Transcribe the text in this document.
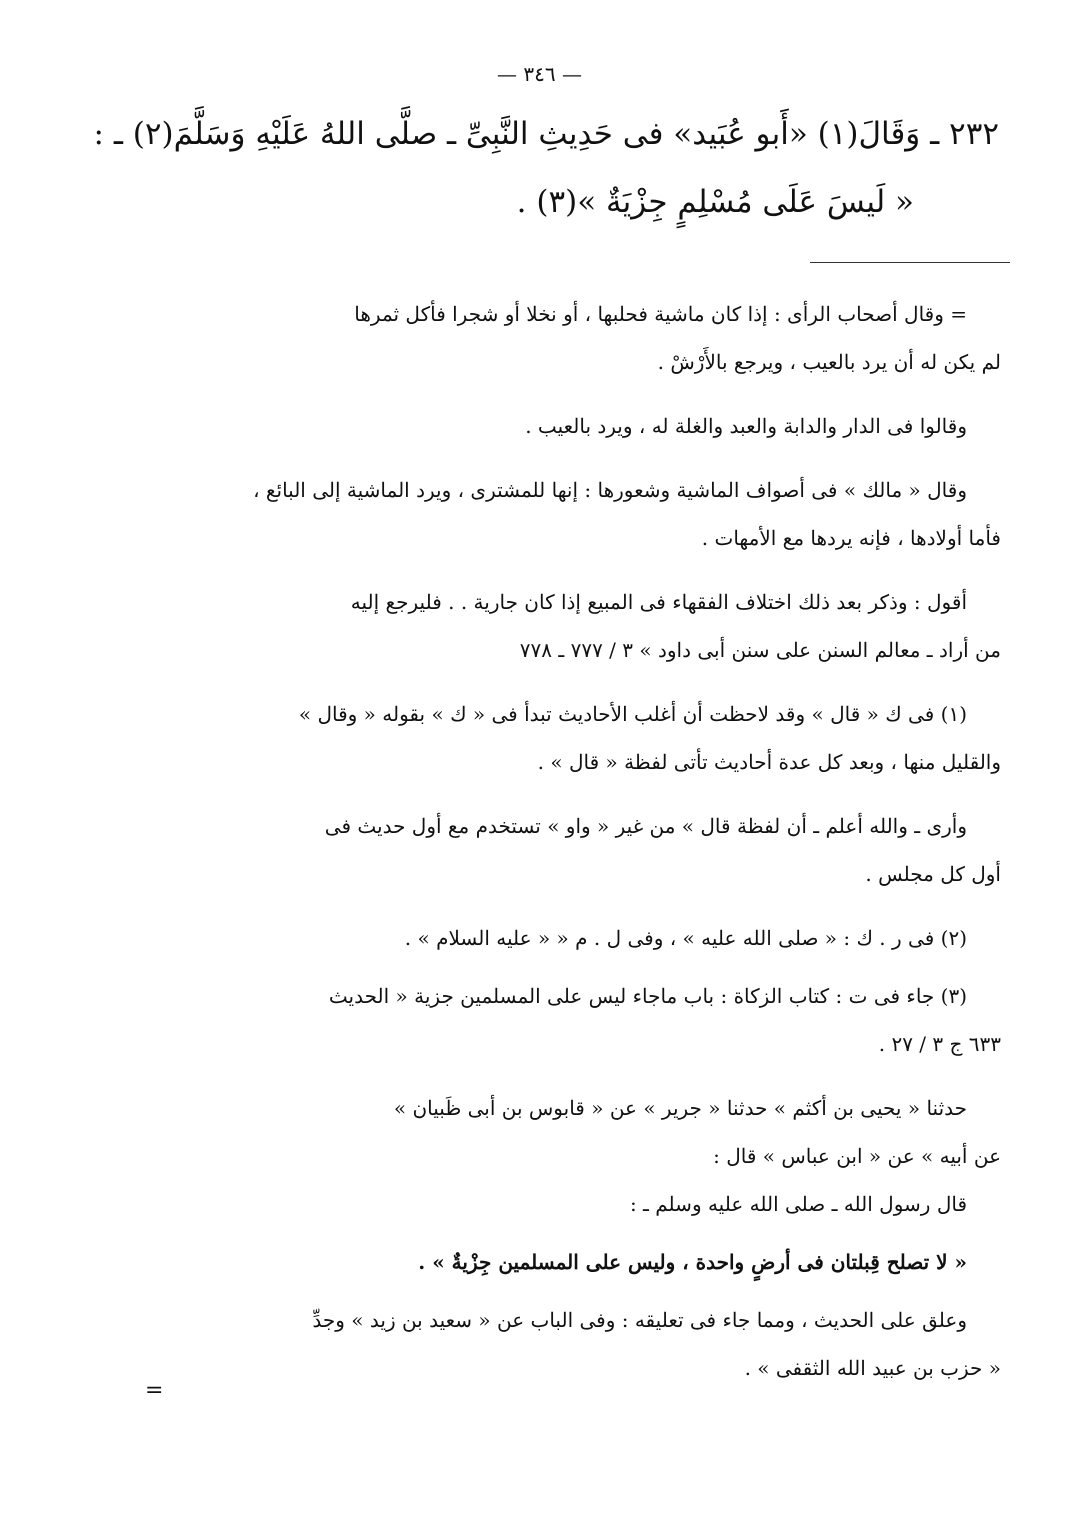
— ٣٤٦ —
٢٣٢ ـ وَقَالَ(١) «أَبو عُبَيد» فى حَدِيثِ النَّبِىِّ ـ صلَّى اللهُ عَلَيْهِ وَسَلَّمَ(٢) ـ :
« لَيسَ عَلَى مُسْلِمٍ جِزْيَةٌ »(٣) .
= وقال أصحاب الرأى : إذا كان ماشية فحلبها ، أو نخلا أو شجرا فأكل ثمرها
لم يكن له أن يرد بالعيب ، ويرجع بالأَرْشْ .
وقالوا فى الدار والدابة والعبد والغلة له ، ويرد بالعيب .
وقال « مالك » فى أصواف الماشية وشعورها : إنها للمشترى ، ويرد الماشية إلى البائع ،
فأما أولادها ، فإنه يردها مع الأمهات .
أقول : وذكر بعد ذلك اختلاف الفقهاء فى المبيع إذا كان جارية . . فليرجع إليه
من أراد ـ معالم السنن على سنن أبى داود » ٣ / ٧٧٧ ـ ٧٧٨
(١) فى ك « قال » وقد لاحظت أن أغلب الأحاديث تبدأ فى « ك » بقوله « وقال »
والقليل منها ، وبعد كل عدة أحاديث تأتى لفظة « قال » .
وأرى ـ والله أعلم ـ أن لفظة قال » من غير « واو » تستخدم مع أول حديث فى
أول كل مجلس .
(٢) فى ر . ك : « صلى الله عليه » ، وفى ل . م « « عليه السلام » .
(٣) جاء فى ت : كتاب الزكاة : باب ماجاء ليس على المسلمين جزية « الحديث
٦٣٣ ج ٣ / ٢٧ .
حدثنا « يحيى بن أكثم » حدثنا « جرير » عن « قابوس بن أبى ظَبيان »
عن أبيه » عن « ابن عباس » قال :
قال رسول الله ـ صلى الله عليه وسلم ـ :
« لا تصلح قِبلتان فى أرضٍ واحدة ، وليس على المسلمين جِزْيةٌ » .
وعلق على الحديث ، ومما جاء فى تعليقه : وفى الباب عن « سعيد بن زيد » وجدِّ
« حزب بن عبيد الله الثقفى » .
=
